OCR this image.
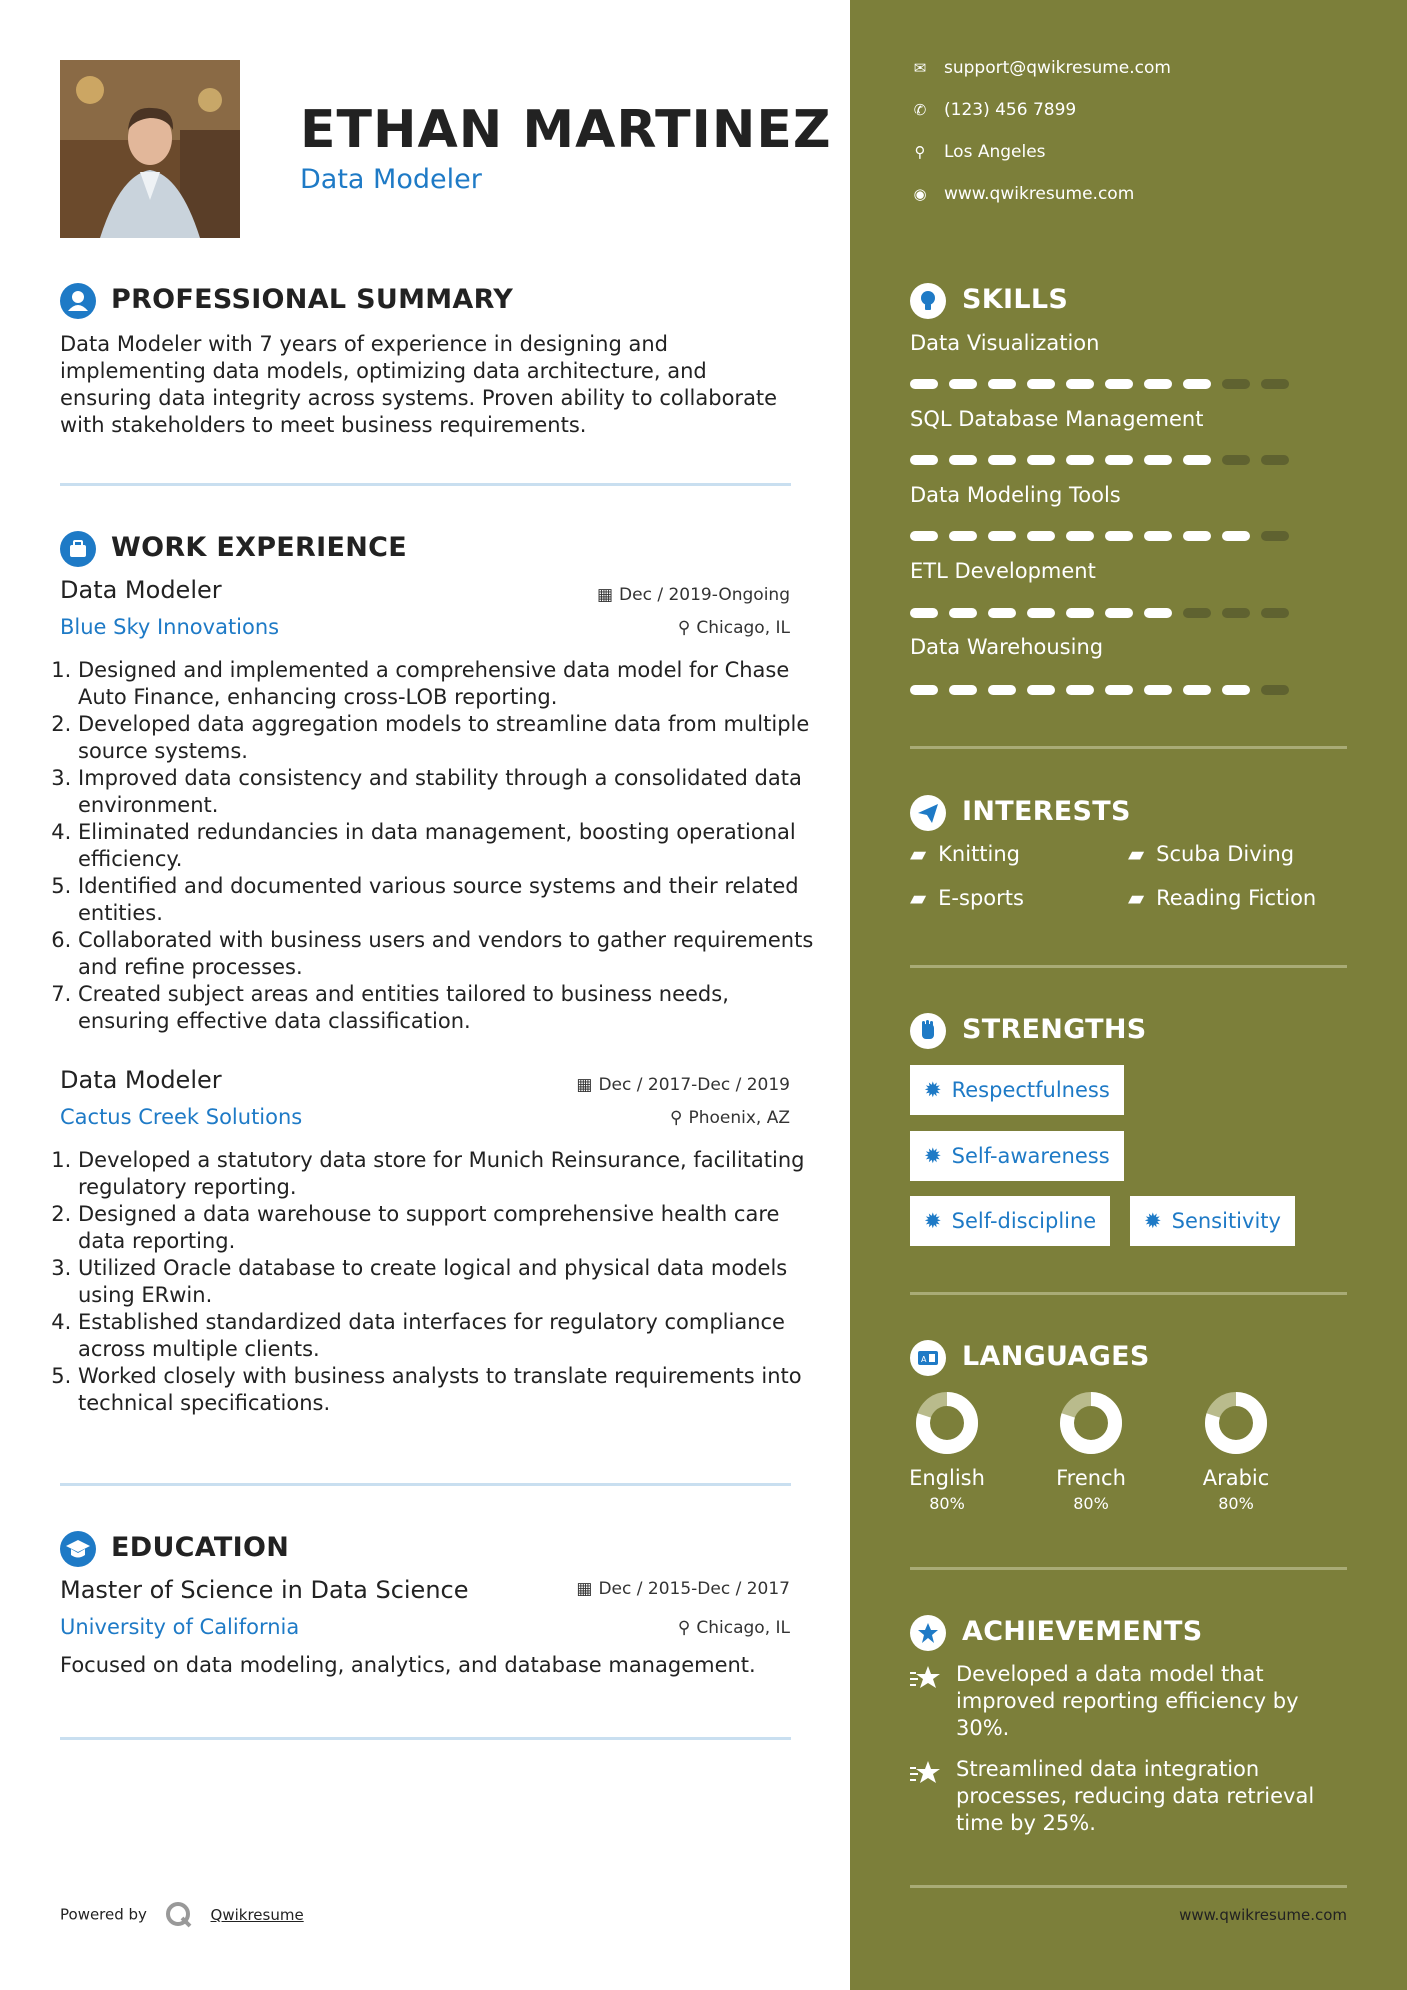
ETHAN MARTINEZ
Data Modeler
PROFESSIONAL SUMMARY
Data Modeler with 7 years of experience in designing and implementing data models, optimizing data architecture, and ensuring data integrity across systems. Proven ability to collaborate with stakeholders to meet business requirements.
WORK EXPERIENCE
Data Modeler	▦ Dec / 2019-Ongoing
Blue Sky Innovations	⚲ Chicago, IL
1. Designed and implemented a comprehensive data model for Chase Auto Finance, enhancing cross-LOB reporting.
2. Developed data aggregation models to streamline data from multiple source systems.
3. Improved data consistency and stability through a consolidated data environment.
4. Eliminated redundancies in data management, boosting operational efficiency.
5. Identified and documented various source systems and their related entities.
6. Collaborated with business users and vendors to gather requirements and refine processes.
7. Created subject areas and entities tailored to business needs, ensuring effective data classification.
Data Modeler	▦ Dec / 2017-Dec / 2019
Cactus Creek Solutions	⚲ Phoenix, AZ
1. Developed a statutory data store for Munich Reinsurance, facilitating regulatory reporting.
2. Designed a data warehouse to support comprehensive health care data reporting.
3. Utilized Oracle database to create logical and physical data models using ERwin.
4. Established standardized data interfaces for regulatory compliance across multiple clients.
5. Worked closely with business analysts to translate requirements into technical specifications.
EDUCATION
Master of Science in Data Science	▦ Dec / 2015-Dec / 2017
University of California	⚲ Chicago, IL
Focused on data modeling, analytics, and database management.
Powered by	Qwikresume
✉ support@qwikresume.com
✆ (123) 456 7899
⚲ Los Angeles
◉ www.qwikresume.com
SKILLS
Data Visualization
SQL Database Management
Data Modeling Tools
ETL Development
Data Warehousing
INTERESTS
▰ Knitting	▰ Scuba Diving
▰ E-sports	▰ Reading Fiction
STRENGTHS
✹ Respectfulness
✹ Self-awareness
✹ Self-discipline	✹ Sensitivity
A LANGUAGES
English
80%
French
80%
Arabic
80%
ACHIEVEMENTS
Developed a data model that improved reporting efficiency by 30%.
Streamlined data integration processes, reducing data retrieval time by 25%.
www.qwikresume.com
